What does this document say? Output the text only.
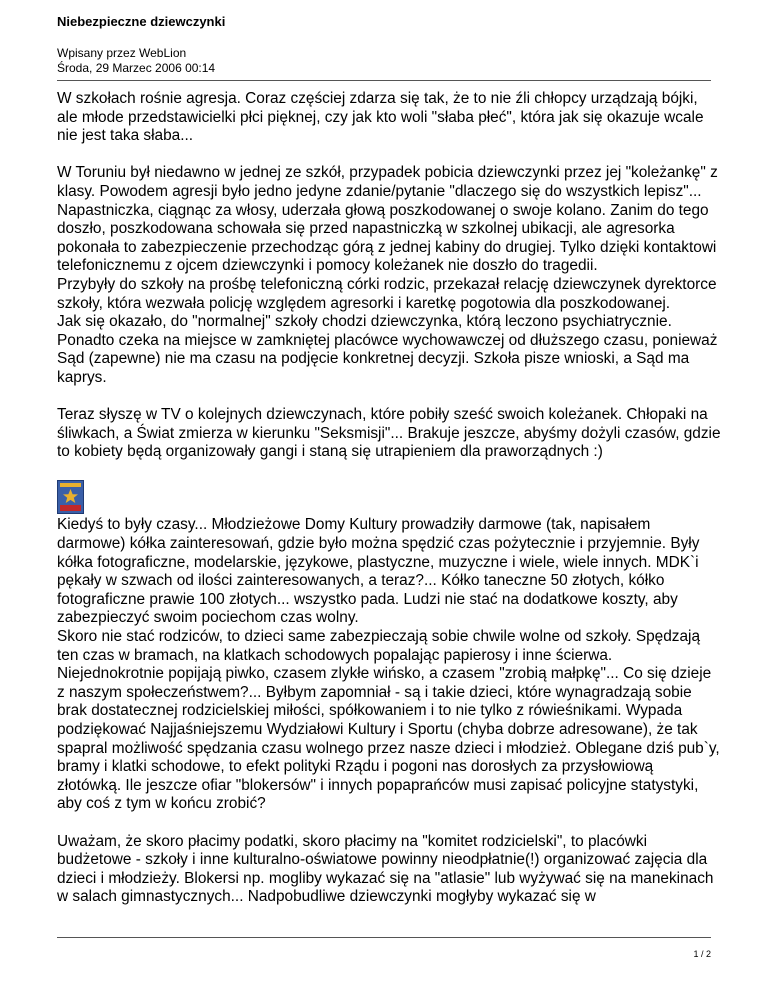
Niebezpieczne dziewczynki
Wpisany przez WebLion
Środa, 29 Marzec 2006 00:14

W szkołach rośnie agresja. Coraz częściej zdarza się tak, że to nie źli chłopcy urządzają bójki, ale młode przedstawicielki płci pięknej, czy jak kto woli "słaba płeć", która jak się okazuje wcale nie jest taka słaba...

W Toruniu był niedawno w jednej ze szkół, przypadek pobicia dziewczynki przez jej "koleżankę" z klasy. Powodem agresji było jedno jedyne zdanie/pytanie "dlaczego się do wszystkich lepisz"... Napastniczka, ciągnąc za włosy, uderzała głową poszkodowanej o swoje kolano. Zanim do tego doszło, poszkodowana schowała się przed napastniczką w szkolnej ubikacji, ale agresorka pokonała to zabezpieczenie przechodząc górą z jednej kabiny do drugiej. Tylko dzięki kontaktowi telefonicznemu z ojcem dziewczynki i pomocy koleżanek nie doszło do tragedii.

Przybyły do szkoły na prośbę telefoniczną córki rodzic, przekazał relację dziewczynek dyrektorce szkoły, która wezwała policję względem agresorki i karetkę pogotowia dla poszkodowanej.

Jak się okazało, do "normalnej" szkoły chodzi dziewczynka, którą leczono psychiatrycznie. Ponadto czeka na miejsce w zamkniętej placówce wychowawczej od dłuższego czasu, ponieważ Sąd (zapewne) nie ma czasu na podjęcie konkretnej decyzji. Szkoła pisze wnioski, a Sąd ma kaprys.

Teraz słyszę w TV o kolejnych dziewczynach, które pobiły sześć swoich koleżanek. Chłopaki na śliwkach, a Świat zmierza w kierunku "Seksmisji"... Brakuje jeszcze, abyśmy dożyli czasów, gdzie to kobiety będą organizowały gangi i staną się utrapieniem dla praworządnych :)

Kiedyś to były czasy... Młodzieżowe Domy Kultury prowadziły darmowe (tak, napisałem darmowe) kółka zainteresowań, gdzie było można spędzić czas pożytecznie i przyjemnie. Były kółka fotograficzne, modelarskie, językowe, plastyczne, muzyczne i wiele, wiele innych. MDK`i pękały w szwach od ilości zainteresowanych, a teraz?... Kółko taneczne 50 złotych, kółko fotograficzne prawie 100 złotych... wszystko pada. Ludzi nie stać na dodatkowe koszty, aby zabezpieczyć swoim pociechom czas wolny.

Skoro nie stać rodziców, to dzieci same zabezpieczają sobie chwile wolne od szkoły. Spędzają ten czas w bramach, na klatkach schodowych popalając papierosy i inne ścierwa. Niejednokrotnie popijają piwko, czasem zlykłe wińsko, a czasem "zrobią małpkę"... Co się dzieje z naszym społeczeństwem?... Byłbym zapomniał - są i takie dzieci, które wynagradzają sobie brak dostatecznej rodzicielskiej miłości, spółkowaniem i to nie tylko z rówieśnikami. Wypada podziękować Najjaśniejszemu Wydziałowi Kultury i Sportu (chyba dobrze adresowane), że tak spapral możliwość spędzania czasu wolnego przez nasze dzieci i młodzież. Oblegane dziś pub`y, bramy i klatki schodowe, to efekt polityki Rządu i pogoni nas dorosłych za przysłowiową złotówką. Ile jeszcze ofiar "blokersów" i innych popaprańców musi zapisać policyjne statystyki, aby coś z tym w końcu zrobić?

Uważam, że skoro płacimy podatki, skoro płacimy na "komitet rodzicielski", to placówki budżetowe - szkoły i inne kulturalno-oświatowe powinny nieodpłatnie(!) organizować zajęcia dla dzieci i młodzieży. Blokersi np. mogliby wykazać się na "atlasie" lub wyżywać się na manekinach w salach gimnastycznych... Nadpobudliwe dziewczynki mogłyby wykazać się w

1 / 2
